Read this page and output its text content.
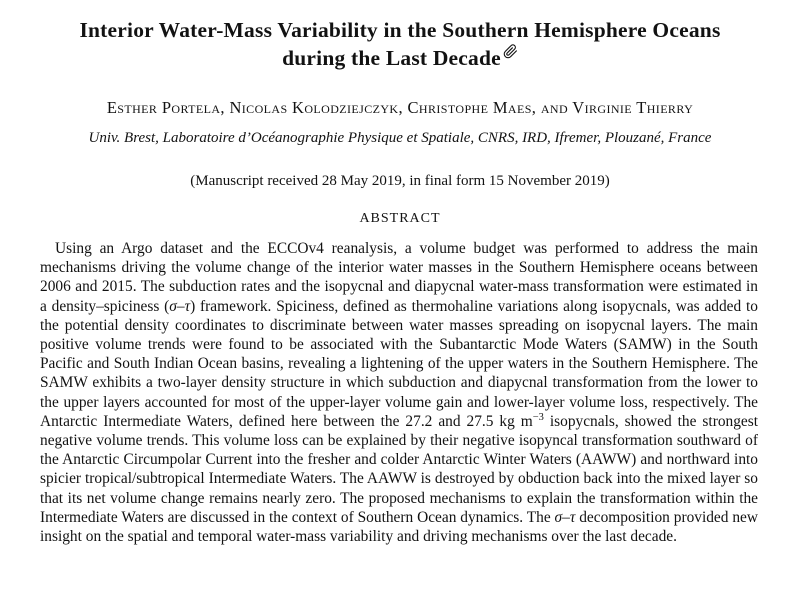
Interior Water-Mass Variability in the Southern Hemisphere Oceans
during the Last Decade
Esther Portela, Nicolas Kolodziejczyk, Christophe Maes, and Virginie Thierry
Univ. Brest, Laboratoire d’Océanographie Physique et Spatiale, CNRS, IRD, Ifremer, Plouzané, France
(Manuscript received 28 May 2019, in final form 15 November 2019)
ABSTRACT

Using an Argo dataset and the ECCOv4 reanalysis, a volume budget was performed to address the main mechanisms driving the volume change of the interior water masses in the Southern Hemisphere oceans between 2006 and 2015. The subduction rates and the isopycnal and diapycnal water-mass transformation were estimated in a density–spiciness (σ–τ) framework. Spiciness, defined as thermohaline variations along isopycnals, was added to the potential density coordinates to discriminate between water masses spreading on isopycnal layers. The main positive volume trends were found to be associated with the Subantarctic Mode Waters (SAMW) in the South Pacific and South Indian Ocean basins, revealing a lightening of the upper waters in the Southern Hemisphere. The SAMW exhibits a two-layer density structure in which subduction and diapycnal transformation from the lower to the upper layers accounted for most of the upper-layer volume gain and lower-layer volume loss, respectively. The Antarctic Intermediate Waters, defined here between the 27.2 and 27.5 kg $m^{-3}$ isopycnals, showed the strongest negative volume trends. This volume loss can be explained by their negative isopyncal transformation southward of the Antarctic Circumpolar Current into the fresher and colder Antarctic Winter Waters (AAWW) and northward into spicier tropical/subtropical Intermediate Waters. The AAWW is destroyed by obduction back into the mixed layer so that its net volume change remains nearly zero. The proposed mechanisms to explain the transformation within the Intermediate Waters are discussed in the context of Southern Ocean dynamics. The σ–τ decomposition provided new insight on the spatial and temporal water-mass variability and driving mechanisms over the last decade.
